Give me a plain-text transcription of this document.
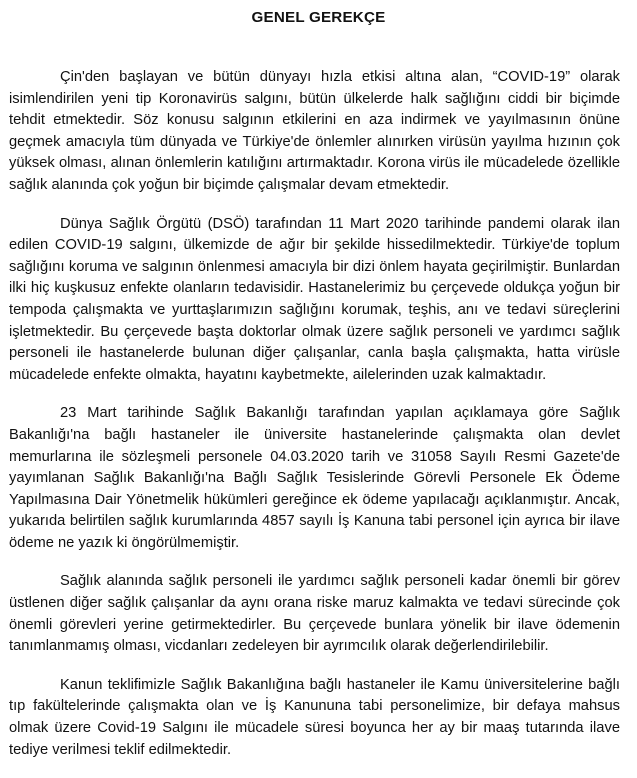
GENEL GEREKÇE

Çin'den başlayan ve bütün dünyayı hızla etkisi altına alan, “COVID-19” olarak isimlendirilen yeni tip Koronavirüs salgını, bütün ülkelerde halk sağlığını ciddi bir biçimde tehdit etmektedir. Söz konusu salgının etkilerini en aza indirmek ve yayılmasının önüne geçmek amacıyla tüm dünyada ve Türkiye'de önlemler alınırken virüsün yayılma hızının çok yüksek olması, alınan önlemlerin katılığını artırmaktadır. Korona virüs ile mücadelede özellikle sağlık alanında çok yoğun bir biçimde çalışmalar devam etmektedir.

Dünya Sağlık Örgütü (DSÖ) tarafından 11 Mart 2020 tarihinde pandemi olarak ilan edilen COVID-19 salgını, ülkemizde de ağır bir şekilde hissedilmektedir. Türkiye'de toplum sağlığını koruma ve salgının önlenmesi amacıyla bir dizi önlem hayata geçirilmiştir. Bunlardan ilki hiç kuşkusuz enfekte olanların tedavisidir. Hastanelerimiz bu çerçevede oldukça yoğun bir tempoda çalışmakta ve yurttaşlarımızın sağlığını korumak, teşhis, anı ve tedavi süreçlerini işletmektedir. Bu çerçevede başta doktorlar olmak üzere sağlık personeli ve yardımcı sağlık personeli ile hastanelerde bulunan diğer çalışanlar, canla başla çalışmakta, hatta virüsle mücadelede enfekte olmakta, hayatını kaybetmekte, ailelerinden uzak kalmaktadır.

23 Mart tarihinde Sağlık Bakanlığı tarafından yapılan açıklamaya göre Sağlık Bakanlığı'na bağlı hastaneler ile üniversite hastanelerinde çalışmakta olan devlet memurlarına ile sözleşmeli personele 04.03.2020 tarih ve 31058 Sayılı Resmi Gazete'de yayımlanan Sağlık Bakanlığı'na Bağlı Sağlık Tesislerinde Görevli Personele Ek Ödeme Yapılmasına Dair Yönetmelik hükümleri gereğince ek ödeme yapılacağı açıklanmıştır. Ancak, yukarıda belirtilen sağlık kurumlarında 4857 sayılı İş Kanuna tabi personel için ayrıca bir ilave ödeme ne yazık ki öngörülmemiştir.

Sağlık alanında sağlık personeli ile yardımcı sağlık personeli kadar önemli bir görev üstlenen diğer sağlık çalışanlar da aynı orana riske maruz kalmakta ve tedavi sürecinde çok önemli görevleri yerine getirmektedirler. Bu çerçevede bunlara yönelik bir ilave ödemenin tanımlanmamış olması, vicdanları zedeleyen bir ayrımcılık olarak değerlendirilebilir.

Kanun teklifimizle Sağlık Bakanlığına bağlı hastaneler ile Kamu üniversitelerine bağlı tıp fakültelerinde çalışmakta olan ve İş Kanununa tabi personelimize, bir defaya mahsus olmak üzere Covid-19 Salgını ile mücadele süresi boyunca her ay bir maaş tutarında ilave tediye verilmesi teklif edilmektedir.
